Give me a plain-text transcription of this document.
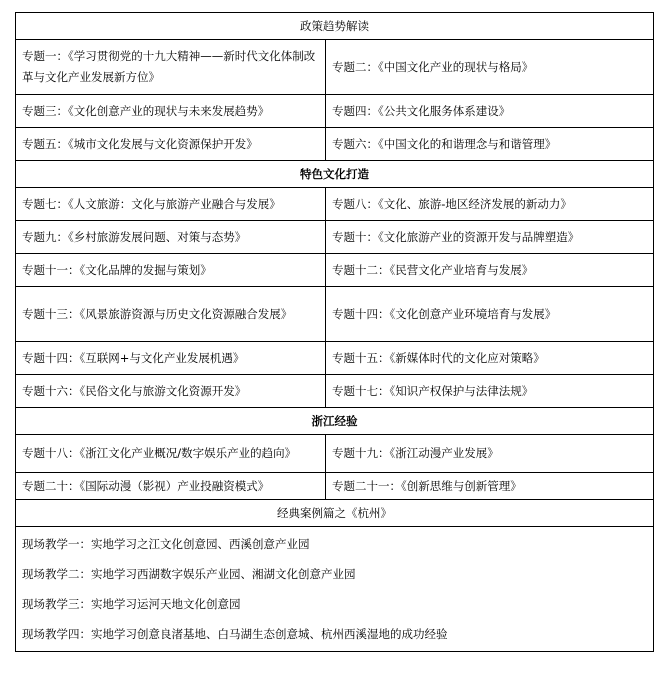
政策趋势解读	
专题一：《学习贯彻党的十九大精神——新时代文化体制改革与文化产业发展新方位》	专题二：《中国文化产业的现状与格局》
专题三：《文化创意产业的现状与未来发展趋势》	专题四：《公共文化服务体系建设》
专题五：《城市文化发展与文化资源保护开发》	专题六：《中国文化的和谐理念与和谐管理》
特色文化打造	
专题七：《人文旅游：文化与旅游产业融合与发展》	专题八：《文化、旅游-地区经济发展的新动力》
专题九：《乡村旅游发展问题、对策与态势》	专题十：《文化旅游产业的资源开发与品牌塑造》
专题十一：《文化品牌的发掘与策划》	专题十二：《民营文化产业培育与发展》
专题十三：《风景旅游资源与历史文化资源融合发展》	专题十四：《文化创意产业环境培育与发展》
专题十四：《互联网+与文化产业发展机遇》	专题十五：《新媒体时代的文化应对策略》
专题十六：《民俗文化与旅游文化资源开发》	专题十七：《知识产权保护与法律法规》
浙江经验	
专题十八：《浙江文化产业概况/数字娱乐产业的趋向》	专题十九：《浙江动漫产业发展》
专题二十：《国际动漫（影视）产业投融资模式》	专题二十一：《创新思维与创新管理》
经典案例篇之《杭州》	

现场教学一：实地学习之江文化创意园、西溪创意产业园
现场教学二：实地学习西湖数字娱乐产业园、湘湖文化创意产业园
现场教学三：实地学习运河天地文化创意园
现场教学四：实地学习创意良渚基地、白马湖生态创意城、杭州西溪湿地的成功经验	
